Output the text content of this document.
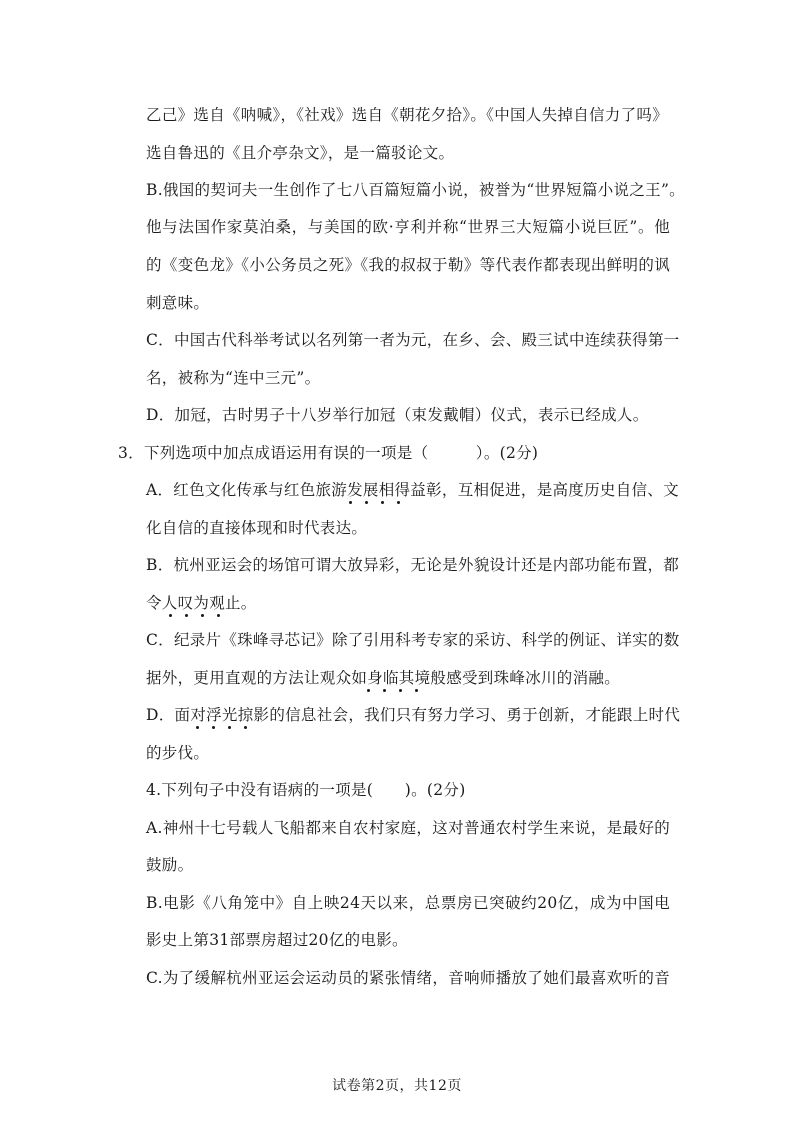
乙己》选自《呐喊》，《社戏》选自《朝花夕拾》。《中国人失掉自信力了吗》
选自鲁迅的《且介亭杂文》，是一篇驳论文。
B.俄国的契诃夫一生创作了七八百篇短篇小说，被誉为“世界短篇小说之王”。
他与法国作家莫泊桑，与美国的欧·亨利并称“世界三大短篇小说巨匠”。他
的《变色龙》《小公务员之死》《我的叔叔于勒》等代表作都表现出鲜明的讽
刺意味。
C．中国古代科举考试以名列第一者为元，在乡、会、殿三试中连续获得第一
名，被称为“连中三元”。
D．加冠，古时男子十八岁举行加冠（束发戴帽）仪式，表示已经成人。
3．下列选项中加点成语运用有误的一项是（　　　）。(2分)
A．红色文化传承与红色旅游发展相得益彰，互相促进，是高度历史自信、文
化自信的直接体现和时代表达。
B．杭州亚运会的场馆可谓大放异彩，无论是外貌设计还是内部功能布置，都
令人叹为观止。
C．纪录片《珠峰寻芯记》除了引用科考专家的采访、科学的例证、详实的数
据外，更用直观的方法让观众如身临其境般感受到珠峰冰川的消融。
D．面对浮光掠影的信息社会，我们只有努力学习、勇于创新，才能跟上时代
的步伐。
4.下列句子中没有语病的一项是(　　)。(2分)
A.神州十七号载人飞船都来自农村家庭，这对普通农村学生来说，是最好的
鼓励。
B.电影《八角笼中》自上映24天以来，总票房已突破约20亿，成为中国电
影史上第31部票房超过20亿的电影。
C.为了缓解杭州亚运会运动员的紧张情绪，音响师播放了她们最喜欢听的音
试卷第2页，共12页
